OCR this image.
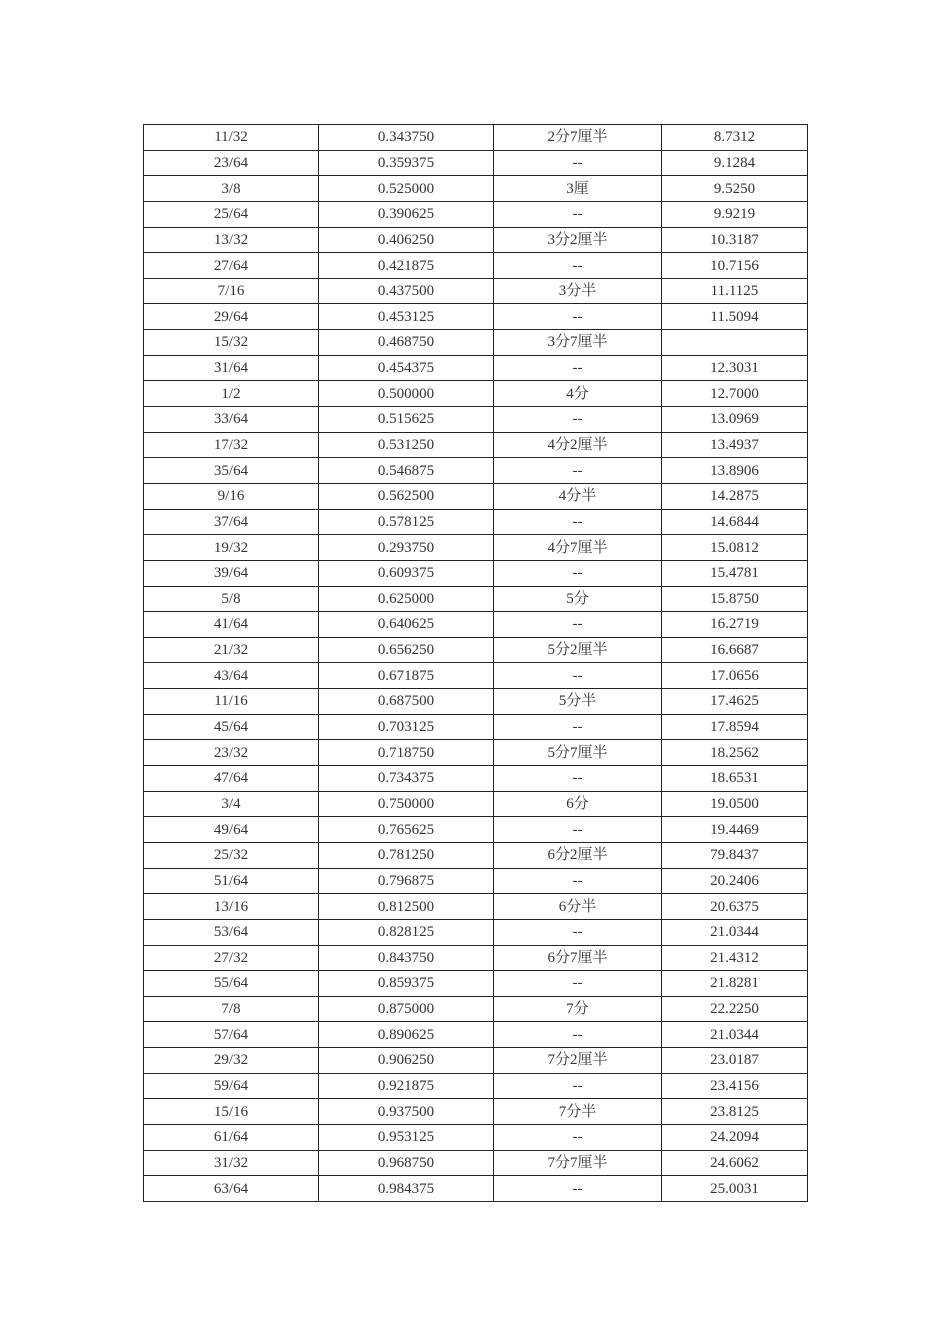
11/32	0.343750	2分7厘半	8.7312
23/64	0.359375	--	9.1284
3/8	0.525000	3厘	9.5250
25/64	0.390625	--	9.9219
13/32	0.406250	3分2厘半	10.3187
27/64	0.421875	--	10.7156
7/16	0.437500	3分半	11.1125
29/64	0.453125	--	11.5094
15/32	0.468750	3分7厘半	
31/64	0.454375	--	12.3031
1/2	0.500000	4分	12.7000
33/64	0.515625	--	13.0969
17/32	0.531250	4分2厘半	13.4937
35/64	0.546875	--	13.8906
9/16	0.562500	4分半	14.2875
37/64	0.578125	--	14.6844
19/32	0.293750	4分7厘半	15.0812
39/64	0.609375	--	15.4781
5/8	0.625000	5分	15.8750
41/64	0.640625	--	16.2719
21/32	0.656250	5分2厘半	16.6687
43/64	0.671875	--	17.0656
11/16	0.687500	5分半	17.4625
45/64	0.703125	--	17.8594
23/32	0.718750	5分7厘半	18.2562
47/64	0.734375	--	18.6531
3/4	0.750000	6分	19.0500
49/64	0.765625	--	19.4469
25/32	0.781250	6分2厘半	79.8437
51/64	0.796875	--	20.2406
13/16	0.812500	6分半	20.6375
53/64	0.828125	--	21.0344
27/32	0.843750	6分7厘半	21.4312
55/64	0.859375	--	21.8281
7/8	0.875000	7分	22.2250
57/64	0.890625	--	21.0344
29/32	0.906250	7分2厘半	23.0187
59/64	0.921875	--	23.4156
15/16	0.937500	7分半	23.8125
61/64	0.953125	--	24.2094
31/32	0.968750	7分7厘半	24.6062
63/64	0.984375	--	25.0031
